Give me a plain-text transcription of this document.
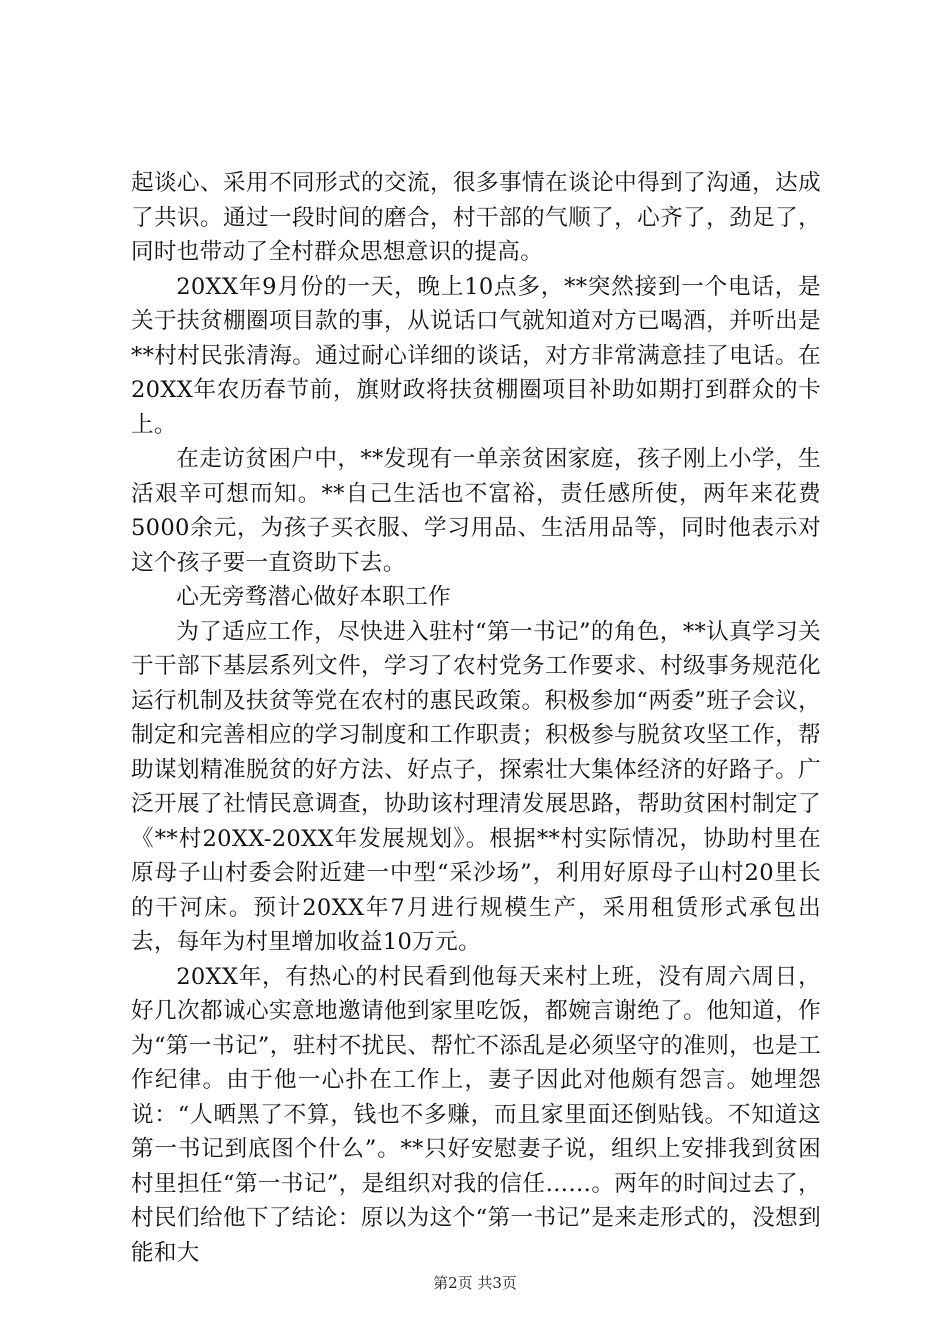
起谈心、采用不同形式的交流，很多事情在谈论中得到了沟通，达成了共识。通过一段时间的磨合，村干部的气顺了，心齐了，劲足了，同时也带动了全村群众思想意识的提高。

20XX年9月份的一天，晚上10点多，**突然接到一个电话，是关于扶贫棚圈项目款的事，从说话口气就知道对方已喝酒，并听出是**村村民张清海。通过耐心详细的谈话，对方非常满意挂了电话。在20XX年农历春节前，旗财政将扶贫棚圈项目补助如期打到群众的卡上。

在走访贫困户中，**发现有一单亲贫困家庭，孩子刚上小学，生活艰辛可想而知。**自己生活也不富裕，责任感所使，两年来花费5000余元，为孩子买衣服、学习用品、生活用品等，同时他表示对这个孩子要一直资助下去。

心无旁骛潜心做好本职工作

为了适应工作，尽快进入驻村“第一书记”的角色，**认真学习关于干部下基层系列文件，学习了农村党务工作要求、村级事务规范化运行机制及扶贫等党在农村的惠民政策。积极参加“两委”班子会议，制定和完善相应的学习制度和工作职责；积极参与脱贫攻坚工作，帮助谋划精准脱贫的好方法、好点子，探索壮大集体经济的好路子。广泛开展了社情民意调查，协助该村理清发展思路，帮助贫困村制定了《**村20XX-20XX年发展规划》。根据**村实际情况，协助村里在原母子山村委会附近建一中型“采沙场”，利用好原母子山村20里长的干河床。预计20XX年7月进行规模生产，采用租赁形式承包出去，每年为村里增加收益10万元。

20XX年，有热心的村民看到他每天来村上班，没有周六周日，好几次都诚心实意地邀请他到家里吃饭，都婉言谢绝了。他知道，作为“第一书记”，驻村不扰民、帮忙不添乱是必须坚守的准则，也是工作纪律。由于他一心扑在工作上，妻子因此对他颇有怨言。她埋怨说：“人晒黑了不算，钱也不多赚，而且家里面还倒贴钱。不知道这第一书记到底图个什么”。**只好安慰妻子说，组织上安排我到贫困村里担任“第一书记”，是组织对我的信任……。两年的时间过去了，村民们给他下了结论：原以为这个“第一书记”是来走形式的，没想到能和大

第2页 共3页
